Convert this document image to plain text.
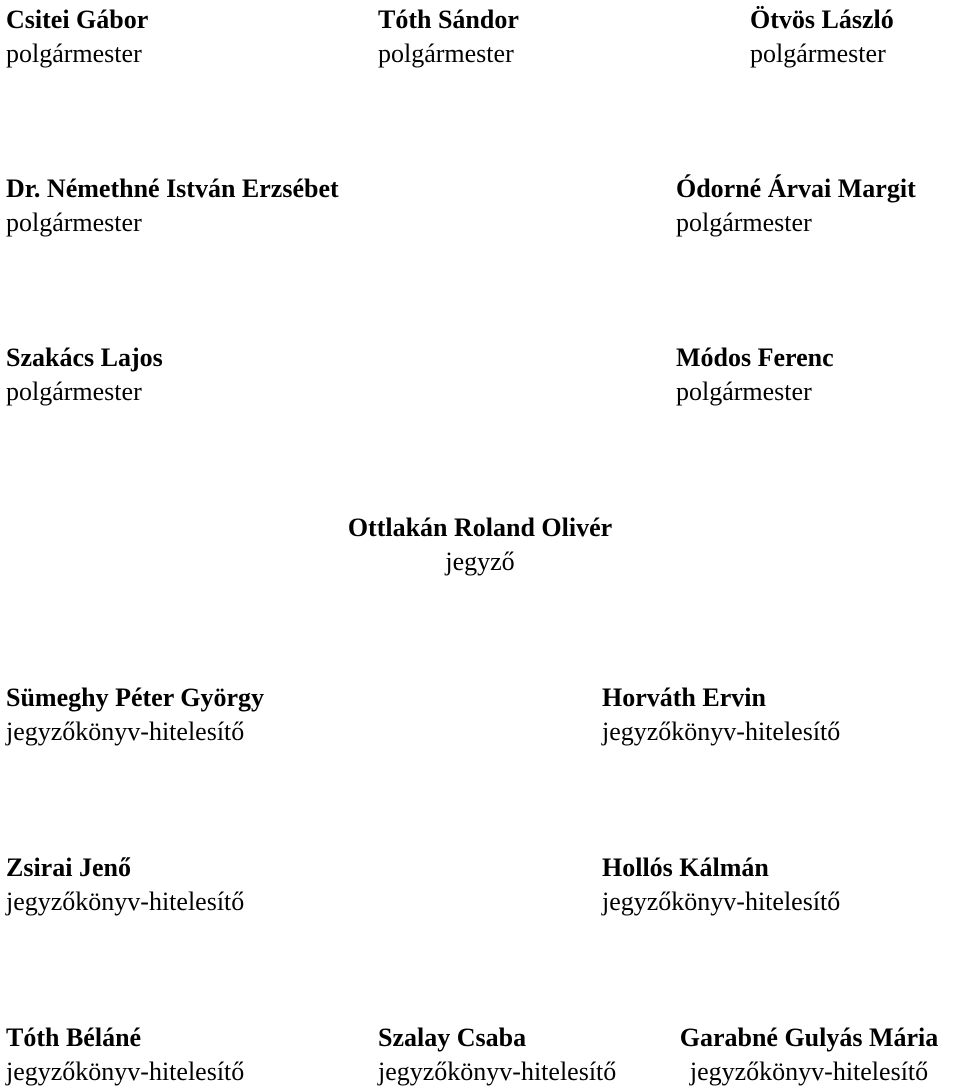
Csitei Gábor
polgármester
Tóth Sándor
polgármester
Ötvös László
polgármester
Dr. Némethné István Erzsébet
polgármester
Ódorné Árvai Margit
polgármester
Szakács Lajos
polgármester
Módos Ferenc
polgármester
Ottlakán Roland Olivér
jegyző
Sümeghy Péter György
jegyzőkönyv-hitelesítő
Horváth Ervin
jegyzőkönyv-hitelesítő
Zsirai Jenő
jegyzőkönyv-hitelesítő
Hollós Kálmán
jegyzőkönyv-hitelesítő
Tóth Béláné
jegyzőkönyv-hitelesítő
Szalay Csaba
jegyzőkönyv-hitelesítő
Garabné Gulyás Mária
jegyzőkönyv-hitelesítő
